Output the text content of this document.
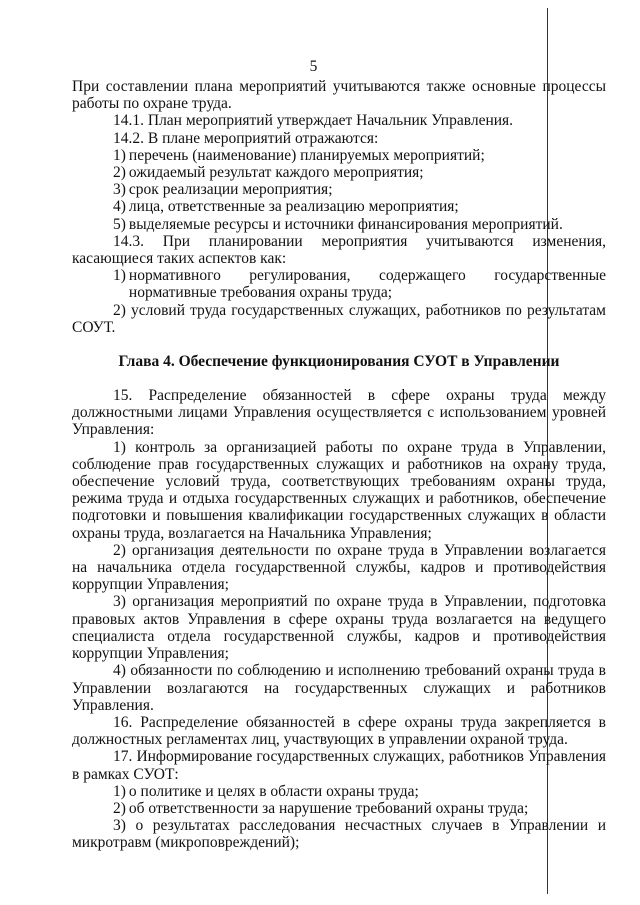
5

При составлении плана мероприятий учитываются также основные процессы работы по охране труда.

14.1. План мероприятий утверждает Начальник Управления.

14.2. В плане мероприятий отражаются:

1) перечень (наименование) планируемых мероприятий;
2) ожидаемый результат каждого мероприятия;
3) срок реализации мероприятия;
4) лица, ответственные за реализацию мероприятия;
5) выделяемые ресурсы и источники финансирования мероприятий.

14.3. При планировании мероприятия учитываются изменения, касающиеся таких аспектов как:

1) нормативного регулирования, содержащего государственные нормативные требования охраны труда;

2) условий труда государственных служащих, работников по результатам СОУТ.

Глава 4. Обеспечение функционирования СУОТ в Управлении

15. Распределение обязанностей в сфере охраны труда между должностными лицами Управления осуществляется с использованием уровней Управления:

1) контроль за организацией работы по охране труда в Управлении, соблюдение прав государственных служащих и работников на охрану труда, обеспечение условий труда, соответствующих требованиям охраны труда, режима труда и отдыха государственных служащих и работников, обеспечение подготовки и повышения квалификации государственных служащих в области охраны труда, возлагается на Начальника Управления;

2) организация деятельности по охране труда в Управлении возлагается на начальника отдела государственной службы, кадров и противодействия коррупции Управления;

3) организация мероприятий по охране труда в Управлении, подготовка правовых актов Управления в сфере охраны труда возлагается на ведущего специалиста отдела государственной службы, кадров и противодействия коррупции Управления;

4) обязанности по соблюдению и исполнению требований охраны труда в Управлении возлагаются на государственных служащих и работников Управления.

16. Распределение обязанностей в сфере охраны труда закрепляется в должностных регламентах лиц, участвующих в управлении охраной труда.

17. Информирование государственных служащих, работников Управления в рамках СУОТ:

1) о политике и целях в области охраны труда;
2) об ответственности за нарушение требований охраны труда;

3) о результатах расследования несчастных случаев в Управлении и микротравм (микроповреждений);
